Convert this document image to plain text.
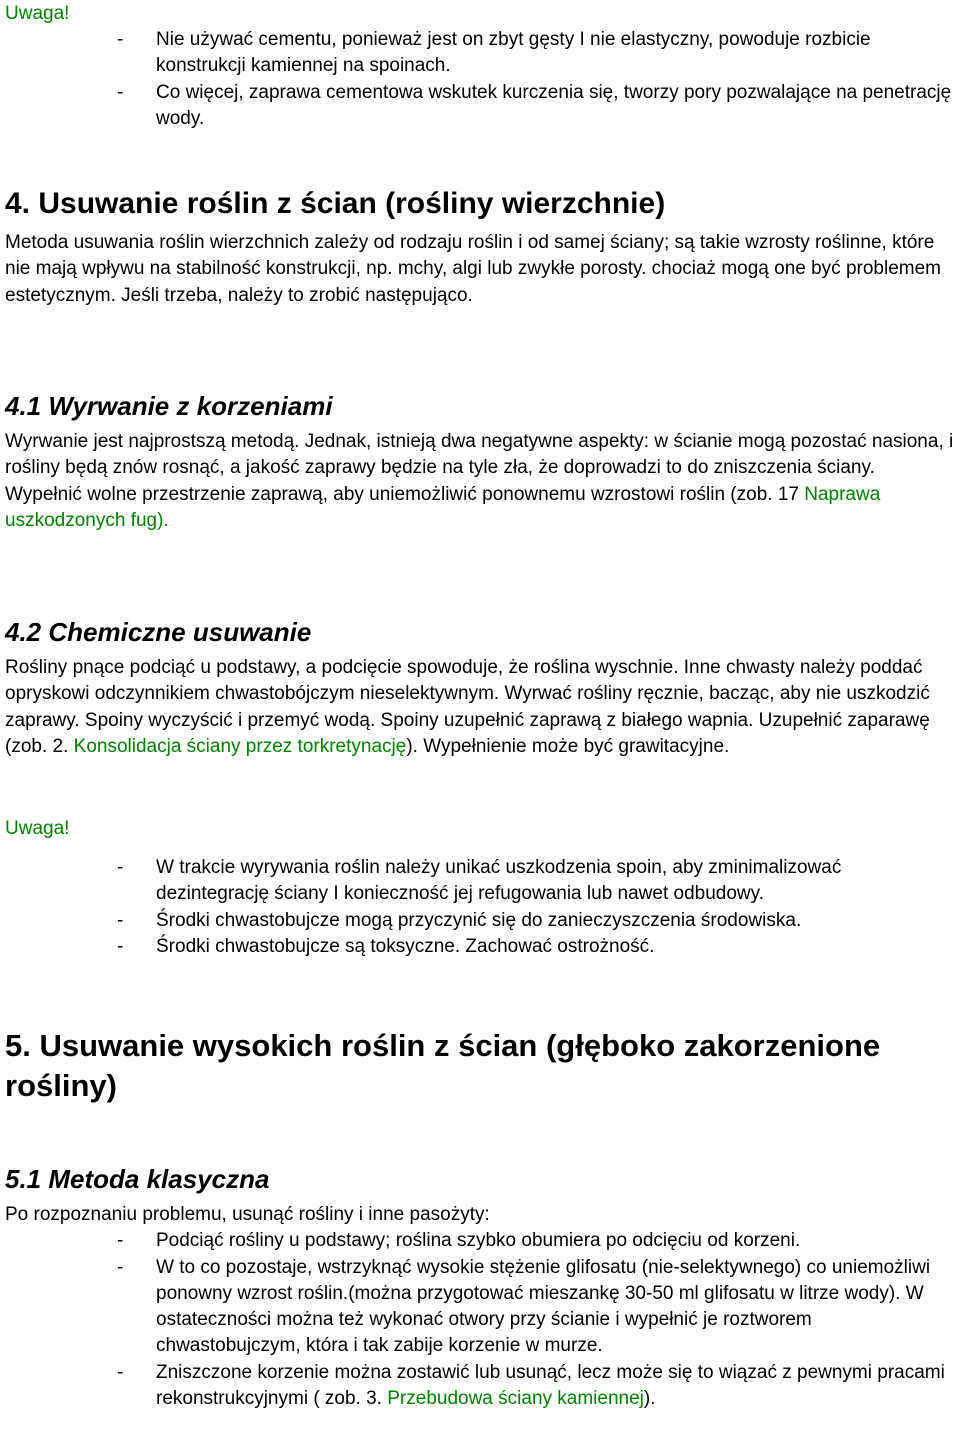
Uwaga!

- Nie używać cementu, ponieważ jest on zbyt gęsty I nie elastyczny, powoduje rozbicie konstrukcji kamiennej na spoinach.
- Co więcej, zaprawa cementowa wskutek kurczenia się, tworzy pory pozwalające na penetrację wody.
4. Usuwanie roślin z ścian (rośliny wierzchnie)

Metoda usuwania roślin wierzchnich zależy od rodzaju roślin i od samej ściany; są takie wzrosty roślinne, które nie mają wpływu na stabilność konstrukcji, np. mchy, algi lub zwykłe porosty. chociaż mogą one być problemem estetycznym. Jeśli trzeba, należy to zrobić następująco.

4.1 Wyrwanie z korzeniami

Wyrwanie jest najprostszą metodą. Jednak, istnieją dwa negatywne aspekty: w ścianie mogą pozostać nasiona, i rośliny będą znów rosnąć, a jakość zaprawy będzie na tyle zła, że doprowadzi to do zniszczenia ściany.

Wypełnić wolne przestrzenie zaprawą, aby uniemożliwić ponownemu wzrostowi roślin (zob. 17 Naprawa uszkodzonych fug).

4.2 Chemiczne usuwanie

Rośliny pnące podciąć u podstawy, a podcięcie spowoduje, że roślina wyschnie. Inne chwasty należy poddać opryskowi odczynnikiem chwastobójczym nieselektywnym. Wyrwać rośliny ręcznie, bacząc, aby nie uszkodzić zaprawy. Spoiny wyczyścić i przemyć wodą. Spoiny uzupełnić zaprawą z białego wapnia. Uzupełnić zaparawę (zob. 2. Konsolidacja ściany przez torkretynację). Wypełnienie może być grawitacyjne.

Uwaga!

- W trakcie wyrywania roślin należy unikać uszkodzenia spoin, aby zminimalizować dezintegrację ściany I konieczność jej refugowania lub nawet odbudowy.
- Środki chwastobujcze mogą przyczynić się do zanieczyszczenia środowiska.
- Środki chwastobujcze są toksyczne. Zachować ostrożność.
5. Usuwanie wysokich roślin z ścian (głęboko zakorzenione rośliny)
5.1 Metoda klasyczna

Po rozpoznaniu problemu, usunąć rośliny i inne pasożyty:

- Podciąć rośliny u podstawy; roślina szybko obumiera po odcięciu od korzeni.
- W to co pozostaje, wstrzyknąć wysokie stężenie glifosatu (nie-selektywnego) co uniemożliwi ponowny wzrost roślin.(można przygotować mieszankę 30-50 ml glifosatu w litrze wody). W ostateczności można też wykonać otwory przy ścianie i wypełnić je roztworem chwastobujczym, która i tak zabije korzenie w murze.
- Zniszczone korzenie można zostawić lub usunąć, lecz może się to wiązać z pewnymi pracami rekonstrukcyjnymi ( zob. 3. Przebudowa ściany kamiennej).
